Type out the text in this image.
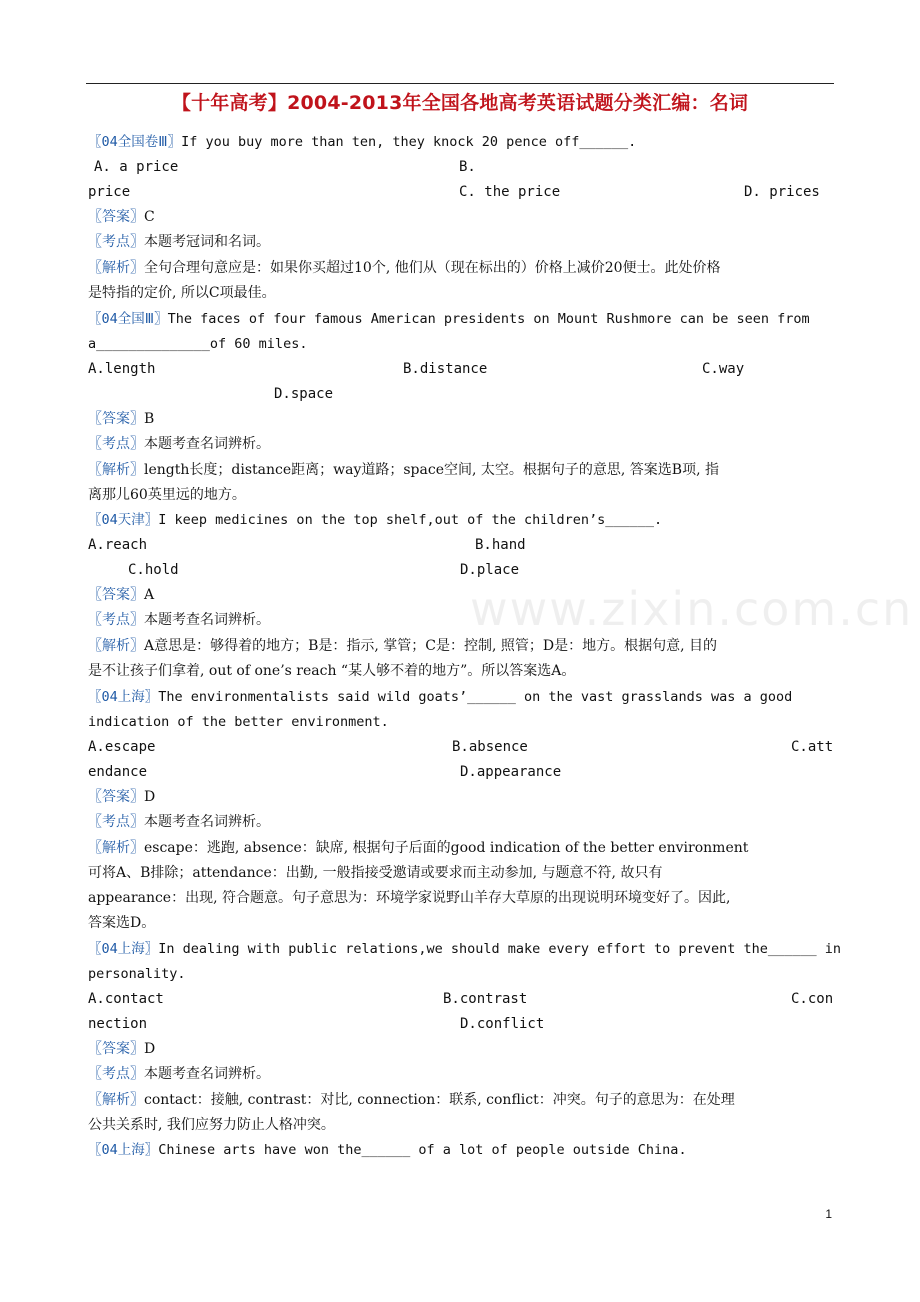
【十年高考】2004-2013年全国各地高考英语试题分类汇编：名词
www.zixin.com.cn
〖04全国卷Ⅲ〗If you buy more than ten, they knock 20 pence off______.
A. a price	B.
price	C. the price	D. prices
〖答案〗C
〖考点〗本题考冠词和名词。
〖解析〗全句合理句意应是：如果你买超过10个, 他们从（现在标出的）价格上减价20便士。此处价格
是特指的定价, 所以C项最佳。
〖04全国Ⅲ〗The faces of four famous American presidents on Mount Rushmore can be seen from
a______________of 60 miles.
A.length	B.distance	C.way
D.space
〖答案〗B
〖考点〗本题考查名词辨析。
〖解析〗length长度；distance距离；way道路；space空间, 太空。根据句子的意思, 答案选B项, 指
离那儿60英里远的地方。
〖04天津〗I keep medicines on the top shelf,out of the children’s______.
A.reach	B.hand
C.hold	D.place
〖答案〗A
〖考点〗本题考查名词辨析。
〖解析〗A意思是：够得着的地方；B是：指示, 掌管；C是：控制, 照管；D是：地方。根据句意, 目的
是不让孩子们拿着, out of one’s reach “某人够不着的地方”。所以答案选A。
〖04上海〗The environmentalists said wild goats’______ on the vast grasslands was a good
indication of the better environment.
A.escape	B.absence	C.att
endance	D.appearance
〖答案〗D
〖考点〗本题考查名词辨析。
〖解析〗escape：逃跑, absence：缺席, 根据句子后面的good indication of the better environment
可将A、B排除；attendance：出勤, 一般指接受邀请或要求而主动参加, 与题意不符, 故只有
appearance：出现, 符合题意。句子意思为：环境学家说野山羊存大草原的出现说明环境变好了。因此,
答案选D。
〖04上海〗In dealing with public relations,we should make every effort to prevent the______ in
personality.
A.contact	B.contrast	C.con
nection	D.conflict
〖答案〗D
〖考点〗本题考查名词辨析。
〖解析〗contact：接触, contrast：对比, connection：联系, conflict：冲突。句子的意思为：在处理
公共关系时, 我们应努力防止人格冲突。
〖04上海〗Chinese arts have won the______ of a lot of people outside China.
1
